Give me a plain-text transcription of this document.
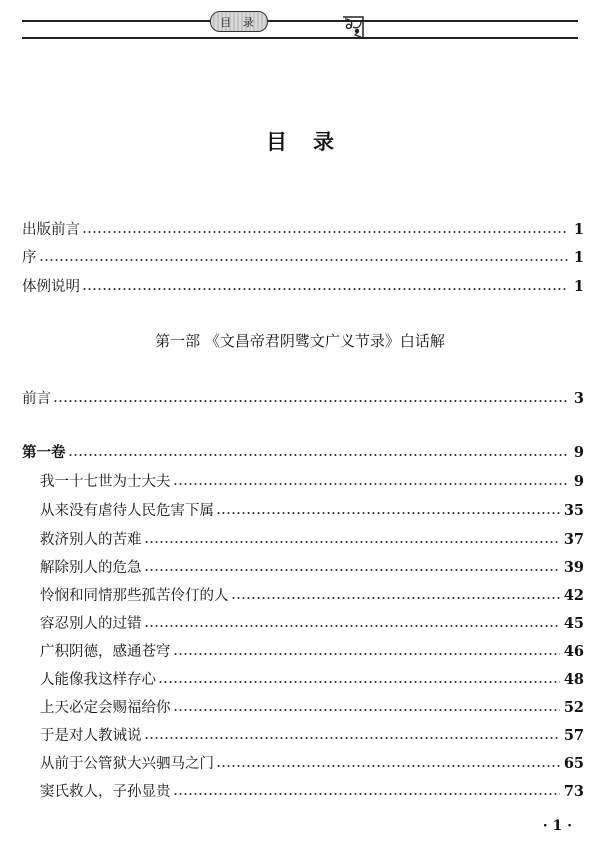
目 录
目录
出版前言	1
序	1
体例说明	1
第一部 《文昌帝君阴骘文广义节录》白话解
前言	3
第一卷	9
我一十七世为士大夫	9
从来没有虐待人民危害下属	35
救济别人的苦难	37
解除别人的危急	39
怜悯和同情那些孤苦伶仃的人	42
容忍别人的过错	45
广积阴德，感通苍穹	46
人能像我这样存心	48
上天必定会赐福给你	52
于是对人教诫说	57
从前于公管狱大兴驷马之门	65
窦氏救人，子孙显贵	73
· 1 ·
